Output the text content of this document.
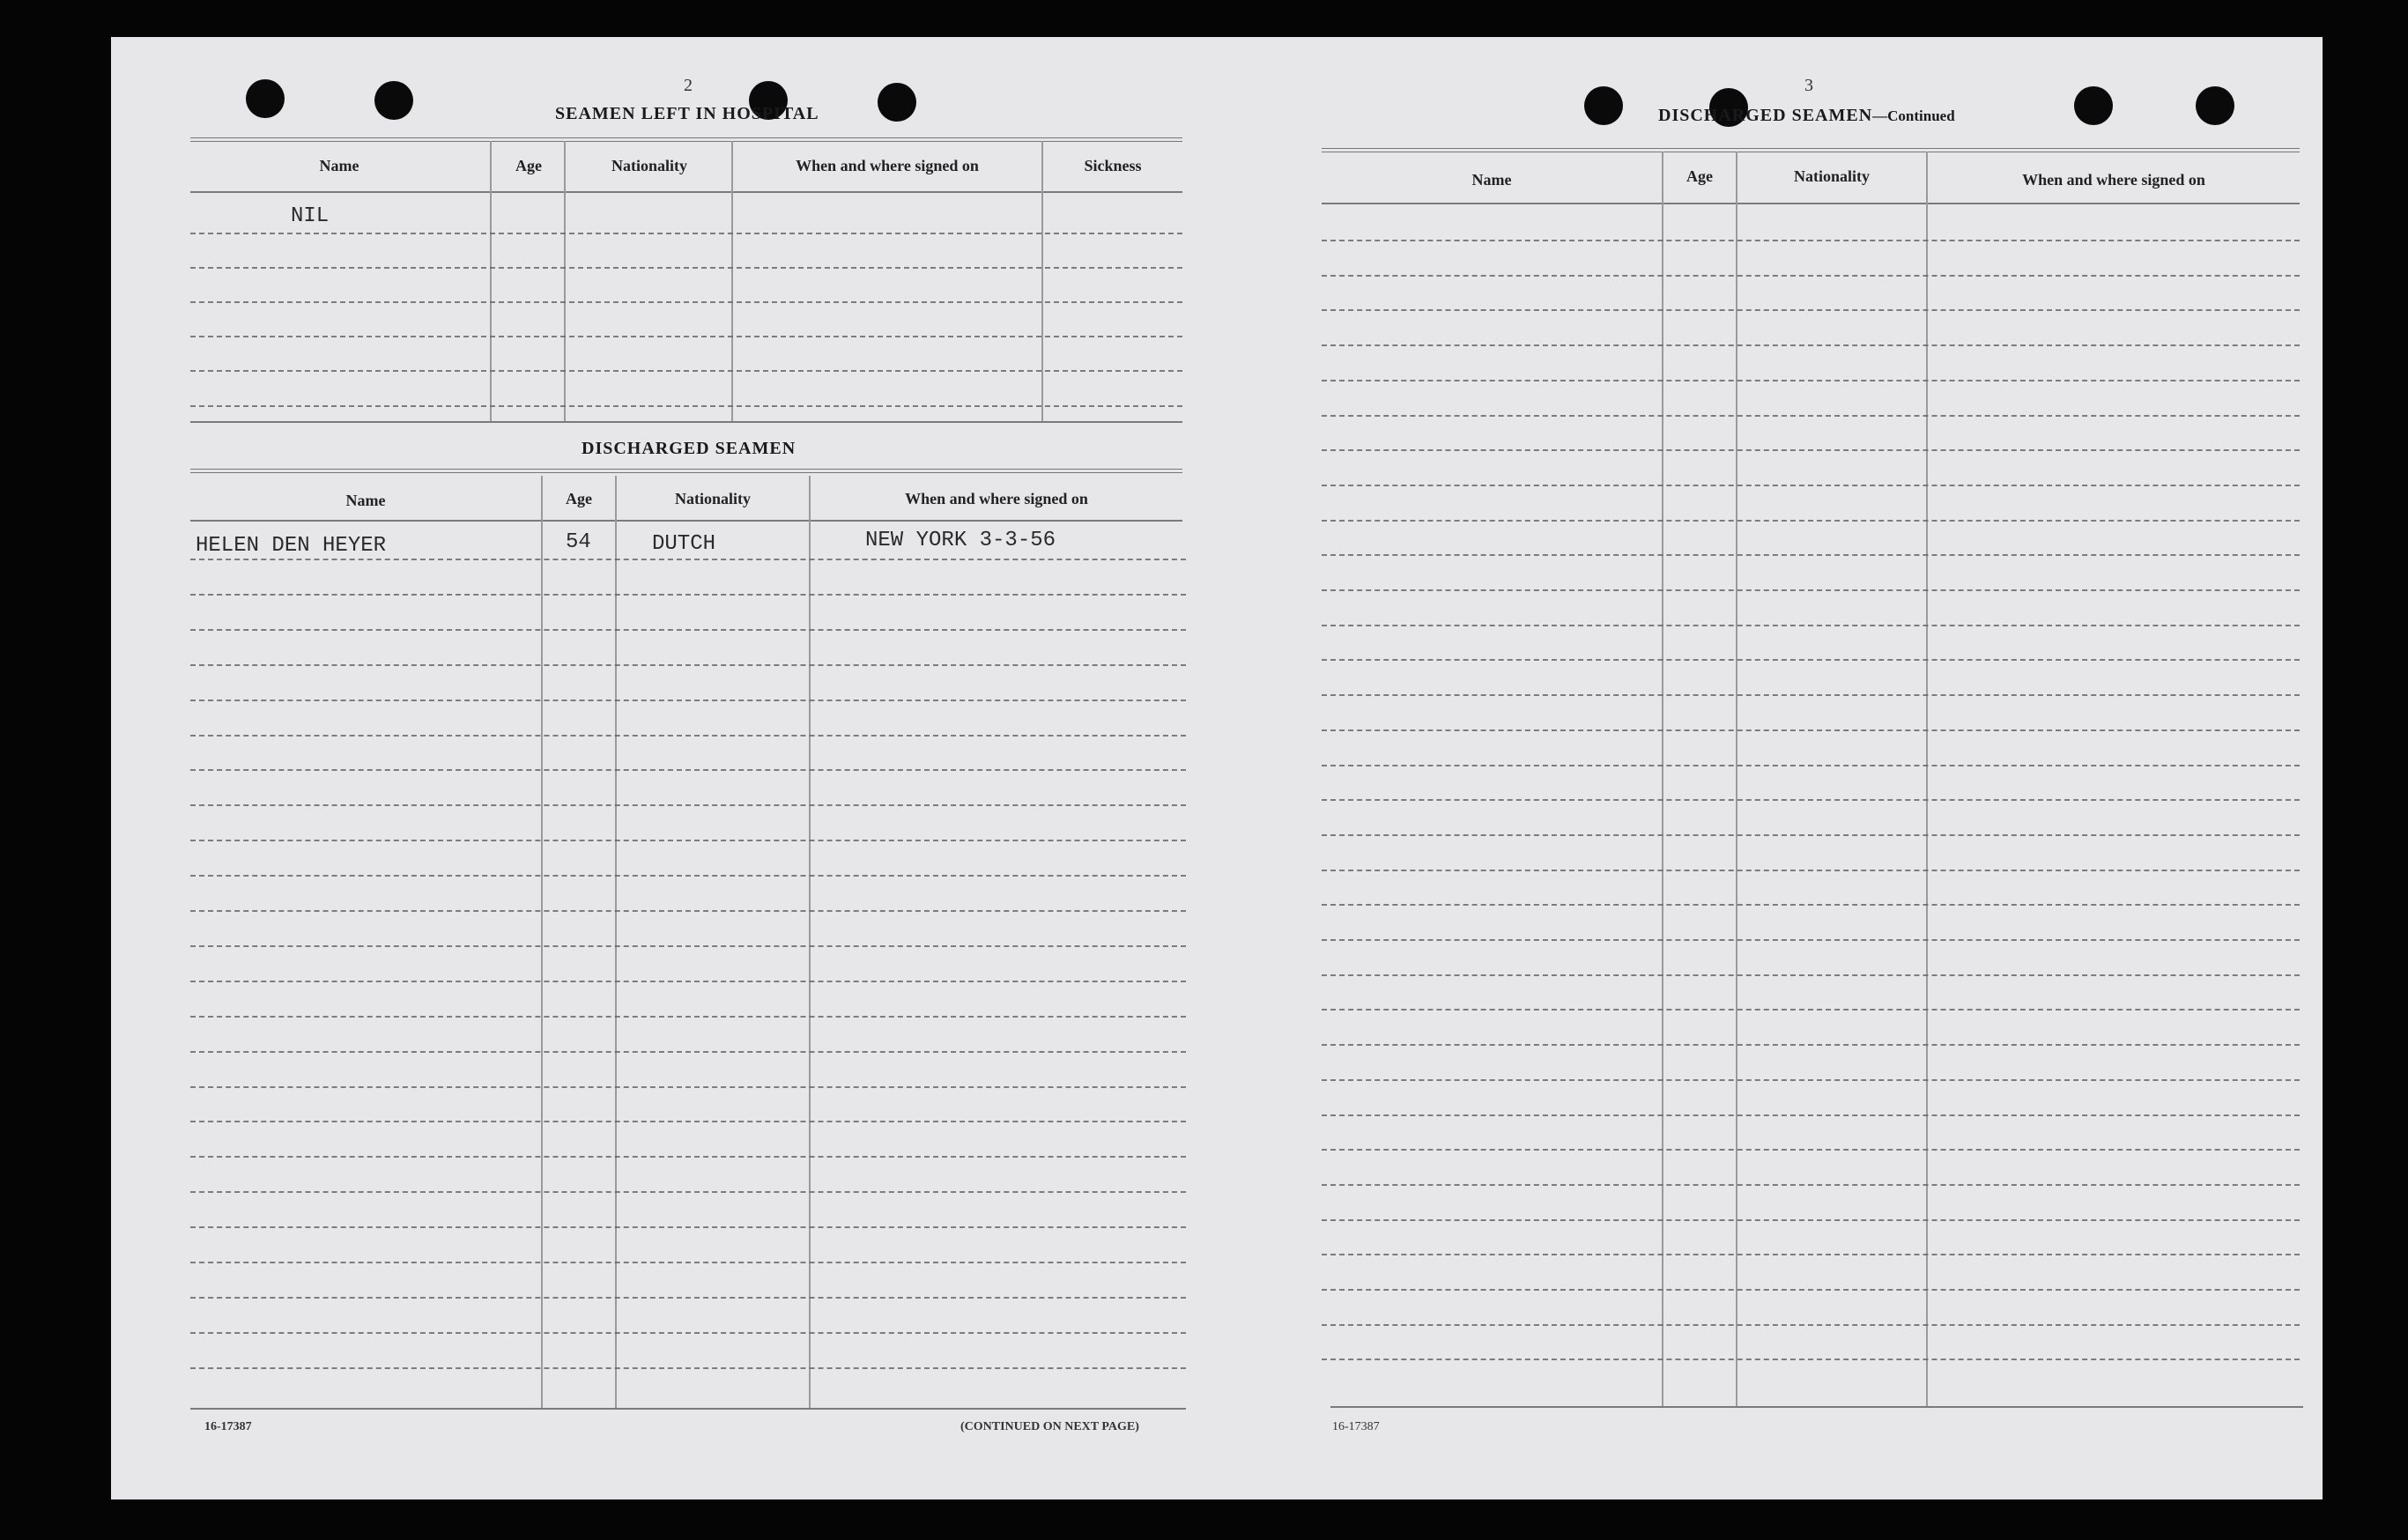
2
SEAMEN LEFT IN HOSPITAL
Name	Age	Nationality	When and where signed on	Sickness
NIL
DISCHARGED SEAMEN
Name	Age	Nationality	When and where signed on
HELEN DEN HEYER	54	DUTCH	NEW YORK 3-3-56
16-17387	(CONTINUED ON NEXT PAGE)
3
DISCHARGED SEAMEN—Continued
Name	Age	Nationality	When and where signed on
16-17387
